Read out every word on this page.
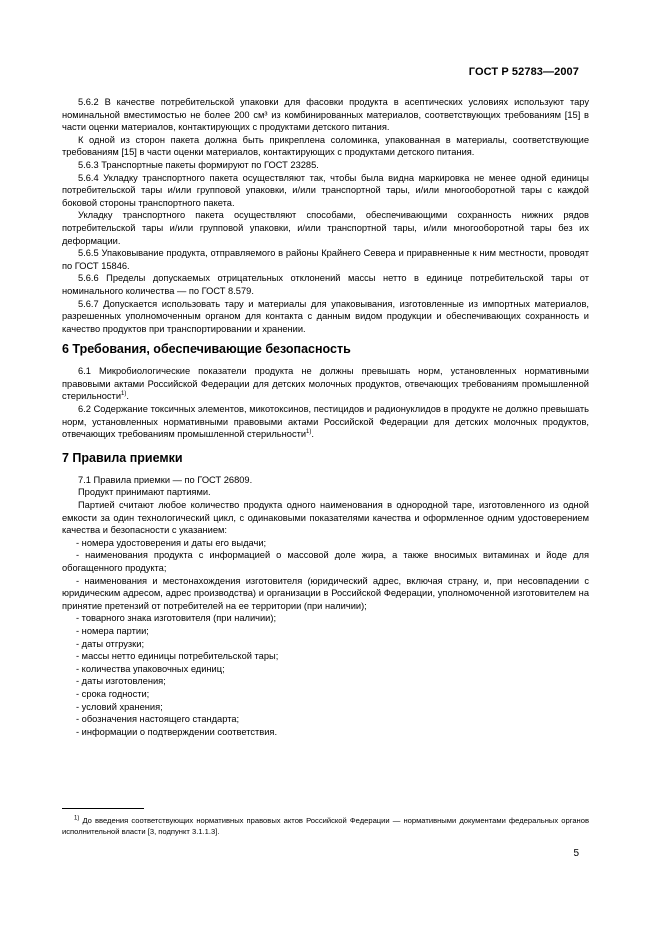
ГОСТ Р 52783—2007

5.6.2 В качестве потребительской упаковки для фасовки продукта в асептических условиях используют тару номинальной вместимостью не более 200 см³ из комбинированных материалов, соответствующих требованиям [15] в части оценки материалов, контактирующих с продуктами детского питания.

К одной из сторон пакета должна быть прикреплена соломинка, упакованная в материалы, соответствующие требованиям [15] в части оценки материалов, контактирующих с продуктами детского питания.

5.6.3 Транспортные пакеты формируют по ГОСТ 23285.

5.6.4 Укладку транспортного пакета осуществляют так, чтобы была видна маркировка не менее одной единицы потребительской тары и/или групповой упаковки, и/или транспортной тары, и/или многооборотной тары с каждой боковой стороны транспортного пакета.

Укладку транспортного пакета осуществляют способами, обеспечивающими сохранность нижних рядов потребительской тары и/или групповой упаковки, и/или транспортной тары, и/или многооборотной тары без их деформации.

5.6.5 Упаковывание продукта, отправляемого в районы Крайнего Севера и приравненные к ним местности, проводят по ГОСТ 15846.

5.6.6 Пределы допускаемых отрицательных отклонений массы нетто в единице потребительской тары от номинального количества — по ГОСТ 8.579.

5.6.7 Допускается использовать тару и материалы для упаковывания, изготовленные из импортных материалов, разрешенных уполномоченным органом для контакта с данным видом продукции и обеспечивающих сохранность и качество продуктов при транспортировании и хранении.

6 Требования, обеспечивающие безопасность

6.1 Микробиологические показатели продукта не должны превышать норм, установленных нормативными правовыми актами Российской Федерации для детских молочных продуктов, отвечающих требованиям промышленной стерильности$^{1)}$.

6.2 Содержание токсичных элементов, микотоксинов, пестицидов и радионуклидов в продукте не должно превышать норм, установленных нормативными правовыми актами Российской Федерации для детских молочных продуктов, отвечающих требованиям промышленной стерильности$^{1)}$.

7 Правила приемки

7.1 Правила приемки — по ГОСТ 26809.

Продукт принимают партиями.

Партией считают любое количество продукта одного наименования в однородной таре, изготовленного из одной емкости за один технологический цикл, с одинаковыми показателями качества и оформленное одним удостоверением качества и безопасности с указанием:

- номера удостоверения и даты его выдачи;

- наименования продукта с информацией о массовой доле жира, а также вносимых витаминах и йоде для обогащенного продукта;

- наименования и местонахождения изготовителя (юридический адрес, включая страну, и, при несовпадении с юридическим адресом, адрес производства) и организации в Российской Федерации, уполномоченной изготовителем на принятие претензий от потребителей на ее территории (при наличии);

- товарного знака изготовителя (при наличии);

- номера партии;

- даты отгрузки;

- массы нетто единицы потребительской тары;

- количества упаковочных единиц;

- даты изготовления;

- срока годности;

- условий хранения;

- обозначения настоящего стандарта;

- информации о подтверждении соответствия.

$^{1)}$ До введения соответствующих нормативных правовых актов Российской Федерации — нормативными документами федеральных органов исполнительной власти [3, подпункт 3.1.1.3].

5
